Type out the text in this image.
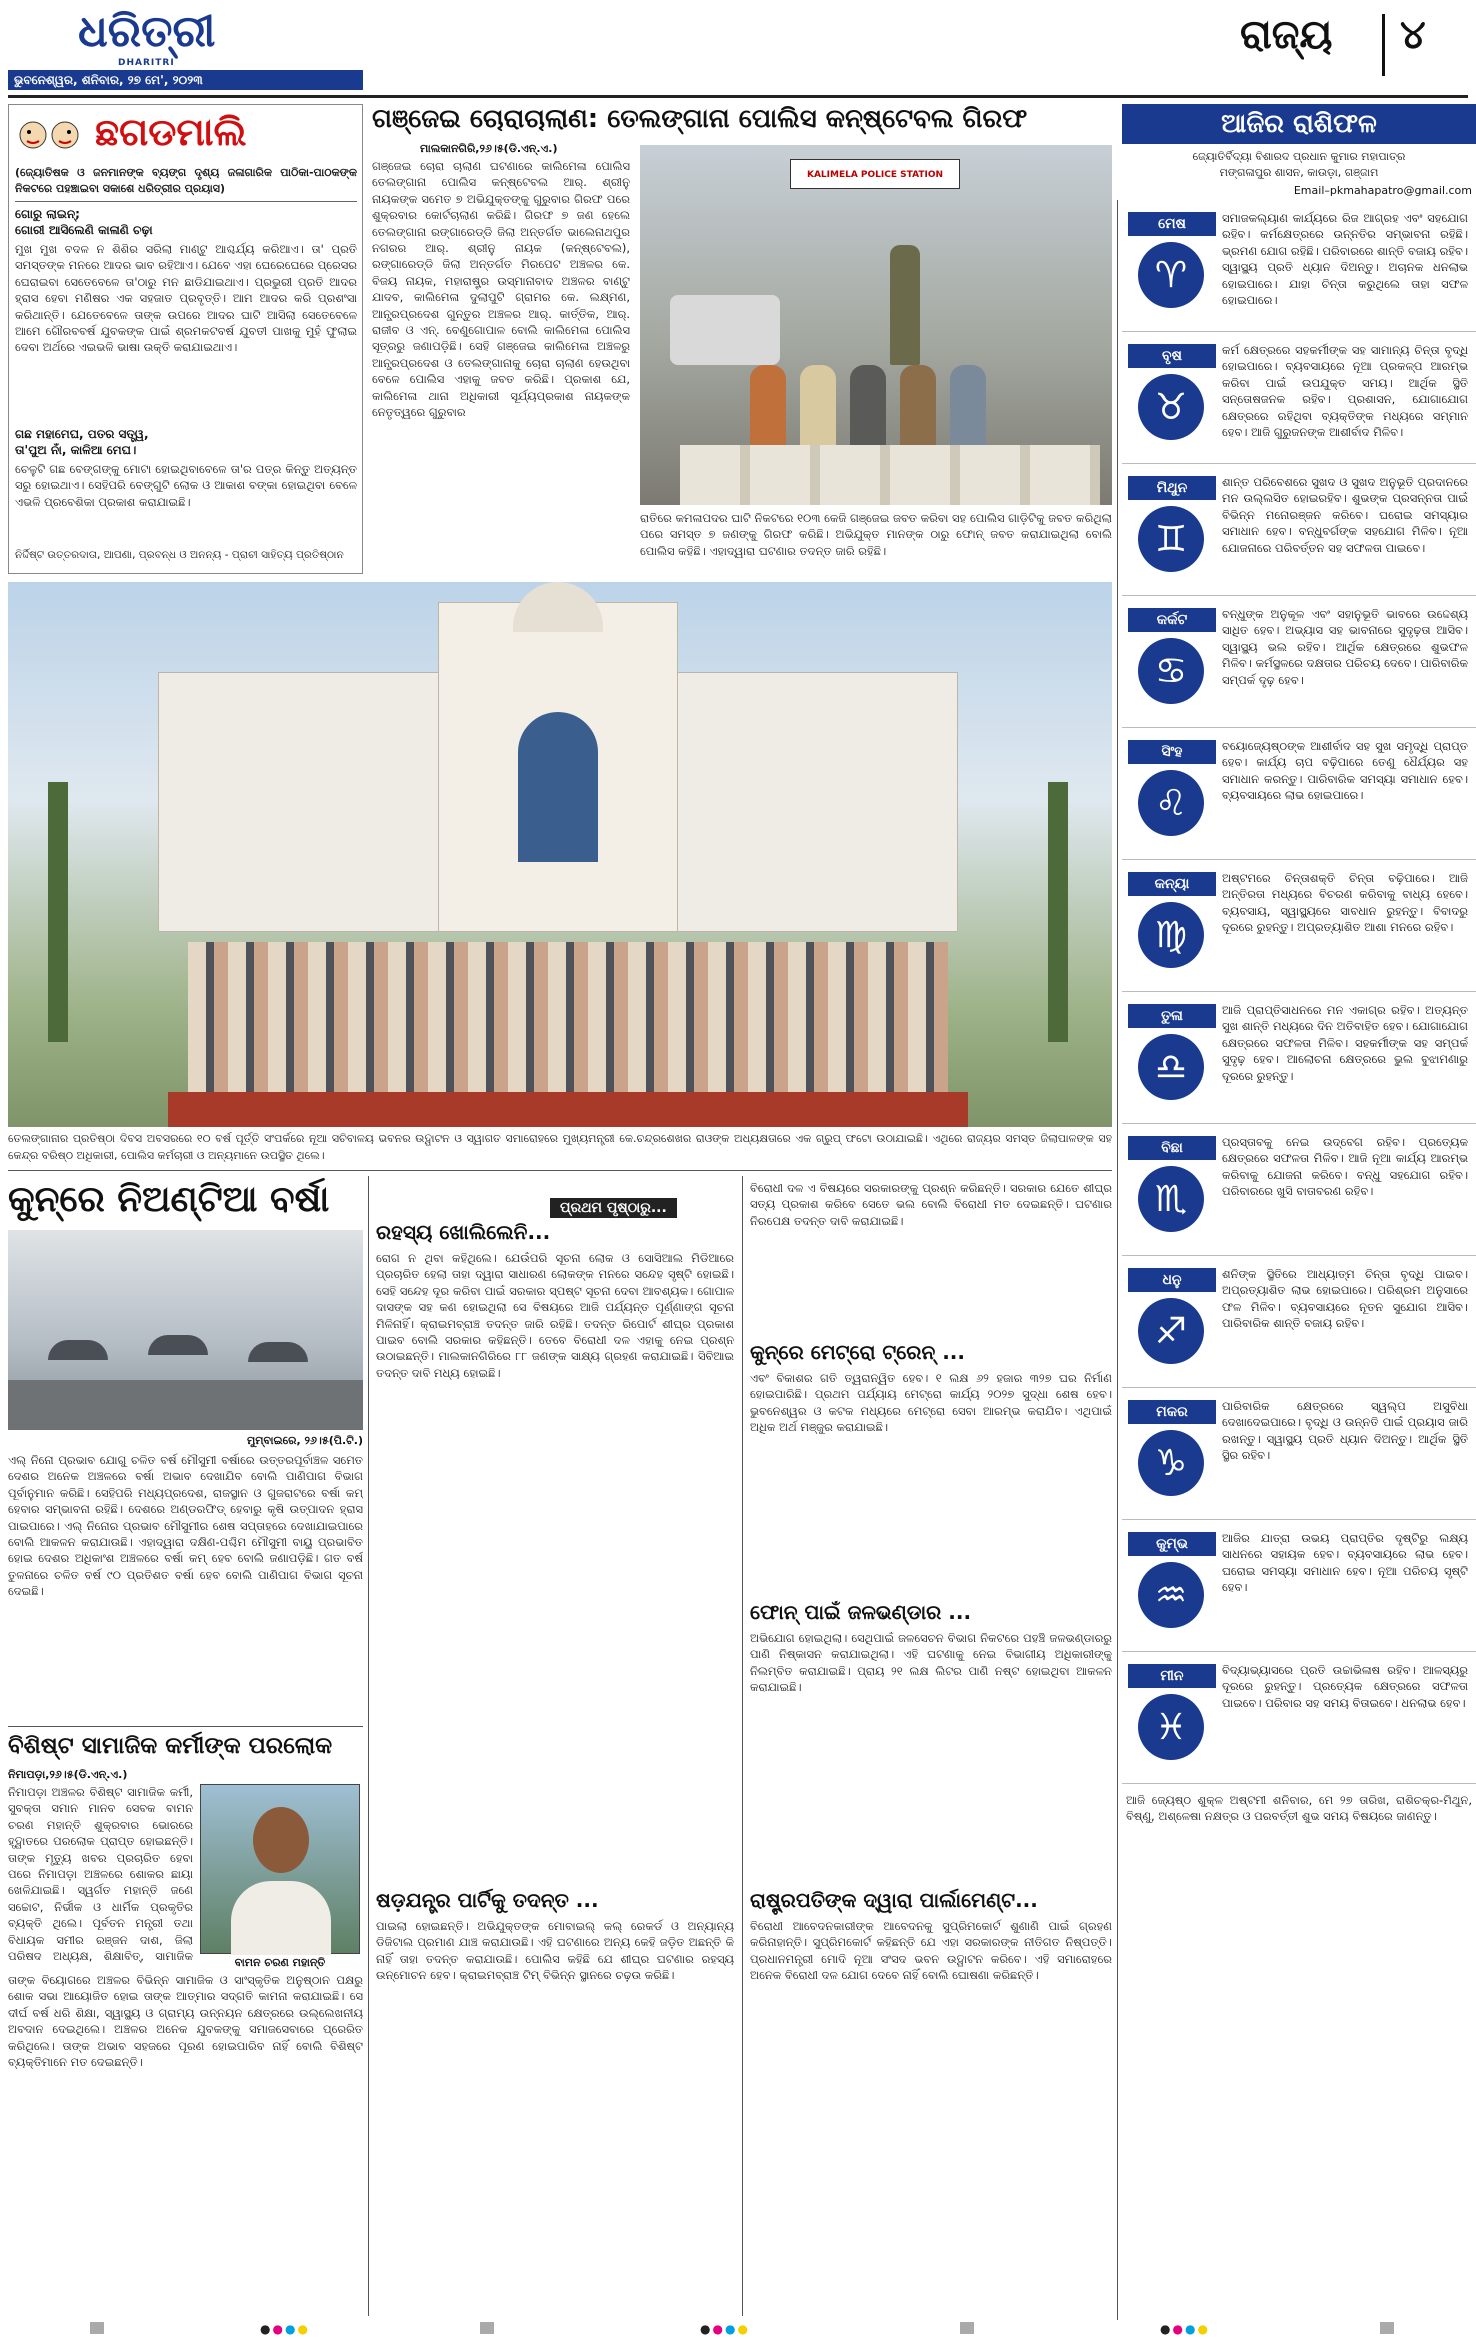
ଧରିତ୍ରୀ
DHARITRI
ଭୁବନେଶ୍ୱର, ଶନିବାର, ୨୭ ମେ', ୨୦୨୩
ରାଜ୍ୟ ୪
ଛଗଡମାଲି
(ଜ୍ୟୋତିଷକ ଓ ଜନମାନଙ୍କ ବ୍ୟଙ୍ଗ ଦୃଶ୍ୟ ଜଳାଗାରିକ ପାଠିକା-ପାଠକଙ୍କ ନିକଟରେ ପହଞ୍ଚାଇବା ସକାଶେ ଧରିତ୍ରୀର ପ୍ରୟାସ)
ଗୋରୁ ଲାଇନ୍;
ଗୋରୀ ଆସିଲେଣି କାଳାଣି ଚଢ଼ା
ମୁଖ ମୁଖ ବଦଳ ନ ଶିଶିର ସରିଲା ମାଣ୍ଟୁ ଆଶ୍ଚର୍ଯ୍ୟ କରିଆଏ। ତା' ପ୍ରତି ସମସ୍ତଙ୍କ ମନରେ ଆଦର ଭାବ ରହିଆଏ। ଯେବେ ଏହା ଘେରେଘେରେ ପ୍ରେସର ଘେରାଇବା ସେତେବେଳେ ତା'ଠାରୁ ମନ ଛାଡିଯାଇଥାଏ। ପ୍ରଭୁରୀ ପ୍ରତି ଆଦର ହ୍ରାସ ହେବା ମଣିଷର ଏକ ସହଜାତ ପ୍ରବୃତ୍ତି। ଆମ ଆଦର କରି ପ୍ରଶଂସା କରିଥାନ୍ତି। ଯେତେବେଳେ ତାଙ୍କ ଉପରେ ଆଦର ଘାଟି ଆସିଲା ସେତେବେଳେ ଆମେ ଗୌରବବର୍ଷ ଯୁବକଙ୍କ ପାଇଁ ଶ୍ରମକଟବର୍ଷ ଯୁବତୀ ପାଖକୁ ମୁହଁ ଫୁଲାଇ ଦେବା ଅର୍ଥରେ ଏଇଭଳି ଭାଷା ଉକ୍ତି କରାଯାଇଥାଏ।
ଗଛ ମହାମେଘ, ପତର ସତ୍ତ୍ୱ,
ତା'ପୁଅ ନାଁ, କାଳିଆ ମେଘ।
ଚେଳୁଟି ଗଛ ବେଙ୍ଗଙ୍କୁ ମୋଟା ହୋଇଥିବାବେଳେ ତା'ର ପତ୍ର କିନ୍ତୁ ଅତ୍ୟନ୍ତ ସରୁ ହୋଇଥାଏ। ସେହିପରି ବେଙ୍ଗୁଟି ଲୋକ ଓ ଆକାଶ ବଙ୍କା ହୋଇଥିବା ବେଳେ ଏଭଳି ପ୍ରବେଶିକା ପ୍ରକାଶ କରାଯାଇଛି।
ନିର୍ଦ୍ଦିଷ୍ଟ ଉତ୍ତରଦାତା, ଆପଣା, ପ୍ରବନ୍ଧ ଓ ଅନନ୍ୟ - ପ୍ରାଚୀ ସାହିତ୍ୟ ପ୍ରତିଷ୍ଠାନ
ଗଞ୍ଜେଇ ଚୋରାଚାଲାଣ: ତେଲଙ୍ଗାନା ପୋଲିସ କନ୍ଷ୍ଟେବଲ ଗିରଫ
ମାଲକାନଗିରି,୨୬।୫(ଡି.ଏନ୍.ଏ.)
ଗଞ୍ଜେଇ ଚୋରା ଚାଲାଣ ଘଟଣାରେ କାଲିମେଳା ପୋଲିସ ତେଲଙ୍ଗାନା ପୋଲିସ କନ୍ଷ୍ଟେବଲ ଆର୍. ଶ୍ରୀନୁ ନାୟକଙ୍କ ସମେତ ୭ ଅଭିଯୁକ୍ତଙ୍କୁ ଗୁରୁବାର ଗିରଫ ପରେ ଶୁକ୍ରବାର କୋର୍ଟଚାଲାଣ କରିଛି। ଗିରଫ ୭ ଜଣ ହେଲେ ତେଲଙ୍ଗାନା ରଙ୍ଗାରେଡ୍ଡି ଜିଲା ଅନ୍ତର୍ଗତ ଭାଲେନାଥପୁର ନଗରର ଆର୍. ଶ୍ରୀନୁ ନାୟକ (କନ୍ଷ୍ଟେବଲ), ରଙ୍ଗାରେଡ୍ଡି ଜିଲା ଅନ୍ତର୍ଗତ ମିରପେଟ ଅଞ୍ଚଳର କେ. ବିଜୟ ନାୟକ, ମହାରାଷ୍ଟ୍ର ଉସ୍ମାନାବାଦ ଅଞ୍ଚଳର ବାଣ୍ଟୁ ଯାଦବ, କାଲିମେଳା ଦୁଲାପୁଟି ଗ୍ରାମର କେ. ଲକ୍ଷ୍ମଣ, ଆନ୍ଧ୍ରପ୍ରଦେଶ ଗୁନ୍ତୁର ଅଞ୍ଚଳର ଆର୍. କାର୍ତ୍ତିକ, ଆର୍. ରାଜୀବ ଓ ଏନ୍. ବେଣୁଗୋପାଳ ବୋଲି କାଲିମେଳା ପୋଲିସ ସୂତ୍ରରୁ ଜଣାପଡ଼ିଛି। ସେହି ଗଞ୍ଜେଇ କାଲିମେଳା ଅଞ୍ଚଳରୁ ଆନ୍ଧ୍ରପ୍ରଦେଶ ଓ ତେଲଙ୍ଗାନାକୁ ଚୋରା ଚାଲାଣ ହେଉଥିବା ବେଳେ ପୋଲିସ ଏହାକୁ ଜବତ କରିଛି। ପ୍ରକାଶ ଯେ, କାଲିମେଳା ଥାନା ଅଧିକାରୀ ସୂର୍ଯ୍ୟପ୍ରକାଶ ନାୟକଙ୍କ ନେତୃତ୍ୱରେ ଗୁରୁବାର
KALIMELA POLICE STATION
ରାତିରେ କମଳାପଦର ଘାଟି ନିକଟରେ ୧୦୩ କେଜି ଗଞ୍ଜେଇ ଜବତ କରିବା ସହ ପୋଲିସ ଗାଡ଼ିଟିକୁ ଜବତ କରିଥିଲା ପରେ ସମସ୍ତ ୭ ଜଣଙ୍କୁ ଗିରଫ କରିଛି। ଅଭିଯୁକ୍ତ ମାନଙ୍କ ଠାରୁ ଫୋନ୍ ଜବତ କରାଯାଇଥିଲା ବୋଲି ପୋଲିସ କହିଛି। ଏହାଦ୍ୱାରା ଘଟଣାର ତଦନ୍ତ ଜାରି ରହିଛି।
ଆଜିର ରାଶିଫଳ
ଜ୍ୟୋତିର୍ବିଦ୍ୟା ବିଶାରଦ ପ୍ରଧାନ କୁମାର ମହାପାତ୍ର
ମଙ୍ଗଳାପୁର ଶାସନ, କାଉଡ଼ା, ଗଞ୍ଜାମ
Email–pkmahapatro@gmail.com
ମେଷ
♈
ସମାଜକଲ୍ୟାଣ କାର୍ଯ୍ୟରେ ରିଜ ଆଗ୍ରହ ଏବଂ ସହଯୋଗ ରହିବ। କର୍ମକ୍ଷେତ୍ରରେ ଉନ୍ନତିର ସମ୍ଭାବନା ରହିଛି। ଭ୍ରମଣ ଯୋଗ ରହିଛି। ପରିବାରରେ ଶାନ୍ତି ବଜାୟ ରହିବ। ସ୍ୱାସ୍ଥ୍ୟ ପ୍ରତି ଧ୍ୟାନ ଦିଅନ୍ତୁ। ଅଚାନକ ଧନଲାଭ ହୋଇପାରେ। ଯାହା ଚିନ୍ତା କରୁଥିଲେ ତାହା ସଫଳ ହୋଇପାରେ।
ବୃଷ
♉
କର୍ମ କ୍ଷେତ୍ରରେ ସହକର୍ମୀଙ୍କ ସହ ସାମାନ୍ୟ ଚିନ୍ତା ବୃଦ୍ଧି ହୋଇପାରେ। ବ୍ୟବସାୟରେ ନୂଆ ପ୍ରକଳ୍ପ ଆରମ୍ଭ କରିବା ପାଇଁ ଉପଯୁକ୍ତ ସମୟ। ଆର୍ଥିକ ସ୍ଥିତି ସନ୍ତୋଷଜନକ ରହିବ। ପ୍ରଶାସନ, ଯୋଗାଯୋଗ କ୍ଷେତ୍ରରେ ରହିଥିବା ବ୍ୟକ୍ତିଙ୍କ ମଧ୍ୟରେ ସମ୍ମାନ ହେବ। ଆଜି ଗୁରୁଜନଙ୍କ ଆଶୀର୍ବାଦ ମିଳିବ।
ମିଥୁନ
♊
ଶାନ୍ତ ପରିବେଶରେ ସୁଖଦ ଓ ସୁଖଦ ଅନୁଭୂତି ପ୍ରଦାନରେ ମନ ଉଲ୍ଲସିତ ହୋଇରହିବ। ଶୁଭଙ୍କ ପ୍ରସନ୍ନତା ପାଇଁ ବିଭିନ୍ନ ମନୋରଞ୍ଜନ କରିବେ। ଘରୋଇ ସମସ୍ୟାର ସମାଧାନ ହେବ। ବନ୍ଧୁବର୍ଗଙ୍କ ସହଯୋଗ ମିଳିବ। ନୂଆ ଯୋଜନାରେ ପରିବର୍ତ୍ତନ ସହ ସଫଳତା ପାଇବେ।
କର୍କଟ
♋
ବନ୍ଧୁଙ୍କ ଅନୁକୂଳ ଏବଂ ସହାନୁଭୂତି ଭାବରେ ଉଦ୍ଦେଶ୍ୟ ସାଧିତ ହେବ। ଅଭ୍ୟାସ ସହ ଭାବନାରେ ସୁଦୃଢ଼ତା ଆସିବ। ସ୍ୱାସ୍ଥ୍ୟ ଭଲ ରହିବ। ଆର୍ଥିକ କ୍ଷେତ୍ରରେ ଶୁଭଫଳ ମିଳିବ। କର୍ମସ୍ଥଳରେ ଦକ୍ଷତାର ପରିଚୟ ଦେବେ। ପାରିବାରିକ ସମ୍ପର୍କ ଦୃଢ଼ ହେବ।
ସିଂହ
♌
ବୟୋଜ୍ୟେଷ୍ଠଙ୍କ ଆଶୀର୍ବାଦ ସହ ସୁଖ ସମୃଦ୍ଧି ପ୍ରାପ୍ତ ହେବ। କାର୍ଯ୍ୟ ଚାପ ବଢ଼ିପାରେ ତେଣୁ ଧୈର୍ଯ୍ୟର ସହ ସମାଧାନ କରନ୍ତୁ। ପାରିବାରିକ ସମସ୍ୟା ସମାଧାନ ହେବ। ବ୍ୟବସାୟରେ ଲାଭ ହୋଇପାରେ।
କନ୍ୟା
♍
ଅଷ୍ଟମରେ ଚିନ୍ତାଶକ୍ତି ଚିନ୍ତା ବଢ଼ିପାରେ। ଆଜି ଅନ୍ତିରତା ମଧ୍ୟରେ ବିଚରଣ କରିବାକୁ ବାଧ୍ୟ ହେବେ। ବ୍ୟବସାୟ, ସ୍ୱାସ୍ଥ୍ୟରେ ସାବଧାନ ରୁହନ୍ତୁ। ବିବାଦରୁ ଦୂରରେ ରୁହନ୍ତୁ। ଅପ୍ରତ୍ୟାଶିତ ଆଶା ମନରେ ରହିବ।
ତୁଳା
♎
ଆଜି ପ୍ରାପ୍ତିସାଧନରେ ମନ ଏକାଗ୍ର ରହିବ। ଅତ୍ୟନ୍ତ ସୁଖ ଶାନ୍ତି ମଧ୍ୟରେ ଦିନ ଅତିବାହିତ ହେବ। ଯୋଗାଯୋଗ କ୍ଷେତ୍ରରେ ସଫଳତା ମିଳିବ। ସହକର୍ମୀଙ୍କ ସହ ସମ୍ପର୍କ ସୁଦୃଢ଼ ହେବ। ଆଲୋଚନା କ୍ଷେତ୍ରରେ ଭୁଲ ବୁଝାମଣାରୁ ଦୂରରେ ରୁହନ୍ତୁ।
ବିଛା
♏
ପ୍ରସ୍ତାବକୁ ନେଇ ଉଦ୍ବେଗ ରହିବ। ପ୍ରତ୍ୟେକ କ୍ଷେତ୍ରରେ ସଫଳତା ମିଳିବ। ଆଜି ନୂଆ କାର୍ଯ୍ୟ ଆରମ୍ଭ କରିବାକୁ ଯୋଜନା କରିବେ। ବନ୍ଧୁ ସହଯୋଗ ରହିବ। ପରିବାରରେ ଖୁସି ବାତାବରଣ ରହିବ।
ଧନୁ
♐
ଶନିଙ୍କ ସ୍ଥିତିରେ ଆଧ୍ୟାତ୍ମ ଚିନ୍ତା ବୃଦ୍ଧି ପାଇବ। ଅପ୍ରତ୍ୟାଶିତ ଲାଭ ହୋଇପାରେ। ପରିଶ୍ରମ ଅନୁସାରେ ଫଳ ମିଳିବ। ବ୍ୟବସାୟରେ ନୂତନ ସୁଯୋଗ ଆସିବ। ପାରିବାରିକ ଶାନ୍ତି ବଜାୟ ରହିବ।
ମକର
♑
ପାରିବାରିକ କ୍ଷେତ୍ରରେ ସ୍ୱଲ୍ପ ଅସୁବିଧା ଦେଖାଦେଇପାରେ। ବୃଦ୍ଧି ଓ ଉନ୍ନତି ପାଇଁ ପ୍ରୟାସ ଜାରି ରଖନ୍ତୁ। ସ୍ୱାସ୍ଥ୍ୟ ପ୍ରତି ଧ୍ୟାନ ଦିଅନ୍ତୁ। ଆର୍ଥିକ ସ୍ଥିତି ସ୍ଥିର ରହିବ।
କୁମ୍ଭ
♒
ଆଜିର ଯାତ୍ରା ଉଭୟ ପ୍ରାପ୍ତିର ଦୃଷ୍ଟିରୁ ଲକ୍ଷ୍ୟ ସାଧନରେ ସହାୟକ ହେବ। ବ୍ୟବସାୟରେ ଲାଭ ହେବ। ଘରୋଇ ସମସ୍ୟା ସମାଧାନ ହେବ। ନୂଆ ପରିଚୟ ସୃଷ୍ଟି ହେବ।
ମୀନ
♓
ବିଦ୍ୟାଭ୍ୟାସରେ ପ୍ରତି ଉଚ୍ଚାଭିଳାଷ ରହିବ। ଆଳସ୍ୟରୁ ଦୂରରେ ରୁହନ୍ତୁ। ପ୍ରତ୍ୟେକ କ୍ଷେତ୍ରରେ ସଫଳତା ପାଇବେ। ପରିବାର ସହ ସମୟ ବିତାଇବେ। ଧନଲାଭ ହେବ।
ଆଜି ଜ୍ୟେଷ୍ଠ ଶୁକ୍ଳ ଅଷ୍ଟମୀ ଶନିବାର, ମେ ୨୭ ତାରିଖ, ରାଶିଚକ୍ର-ମିଥୁନ, ବିଷ୍ଣୁ, ଅଶ୍ଳେଷା ନକ୍ଷତ୍ର ଓ ପରବର୍ତ୍ତୀ ଶୁଭ ସମୟ ବିଷୟରେ ଜାଣନ୍ତୁ।
ତେଲଙ୍ଗାନାର ପ୍ରତିଷ୍ଠା ଦିବସ ଅବସରରେ ୧୦ ବର୍ଷ ପୂର୍ତ୍ତି ସଂପର୍କରେ ନୂଆ ସଚିବାଳୟ ଭବନର ଉଦ୍ଘାଟନ ଓ ସ୍ୱାଗତ ସମାରୋହରେ ମୁଖ୍ୟମନ୍ତ୍ରୀ କେ.ଚନ୍ଦ୍ରଶେଖର ରାଓଙ୍କ ଅଧ୍ୟକ୍ଷତାରେ ଏକ ଗ୍ରୁପ୍ ଫଟୋ ଉଠାଯାଇଛି। ଏଥିରେ ରାଜ୍ୟର ସମସ୍ତ ଜିଲାପାଳଙ୍କ ସହ କେନ୍ଦ୍ର ବରିଷ୍ଠ ଅଧିକାରୀ, ପୋଲିସ କର୍ମଚାରୀ ଓ ଅନ୍ୟମାନେ ଉପସ୍ଥିତ ଥିଲେ।
କୁନ୍‌ରେ ନିଅଣ୍ଟିଆ ବର୍ଷା
ମୁମ୍ବାଇରେ, ୨୬।୫(ପି.ଟି.)
ଏଲ୍ ନିନୋ ପ୍ରଭାବ ଯୋଗୁ ଚଳିତ ବର୍ଷ ମୌସୁମୀ ବର୍ଷାରେ ଉତ୍ତରପୂର୍ବାଞ୍ଚଳ ସମେତ ଦେଶର ଅନେକ ଅଞ୍ଚଳରେ ବର୍ଷା ଅଭାବ ଦେଖାଯିବ ବୋଲି ପାଣିପାଗ ବିଭାଗ ପୂର୍ବାନୁମାନ କରିଛି। ସେହିପରି ମଧ୍ୟପ୍ରଦେଶ, ରାଜସ୍ଥାନ ଓ ଗୁଜରାଟରେ ବର୍ଷା କମ୍ ହେବାର ସମ୍ଭାବନା ରହିଛି। ଦେଶରେ ଅଣ୍ଡରଫିଡ୍ ହେବାରୁ କୃଷି ଉତ୍ପାଦନ ହ୍ରାସ ପାଇପାରେ। ଏଲ୍ ନିନୋର ପ୍ରଭାବ ମୌସୁମୀର ଶେଷ ସପ୍ତାହରେ ଦେଖାଯାଇପାରେ ବୋଲି ଆକଳନ କରାଯାଉଛି। ଏହାଦ୍ୱାରା ଦକ୍ଷିଣ-ପଶ୍ଚିମ ମୌସୁମୀ ବାୟୁ ପ୍ରଭାବିତ ହୋଇ ଦେଶର ଅଧିକାଂଶ ଅଞ୍ଚଳରେ ବର୍ଷା କମ୍ ହେବ ବୋଲି ଜଣାପଡ଼ିଛି। ଗତ ବର୍ଷ ତୁଳନାରେ ଚଳିତ ବର୍ଷ ୯୦ ପ୍ରତିଶତ ବର୍ଷା ହେବ ବୋଲି ପାଣିପାଗ ବିଭାଗ ସୂଚନା ଦେଇଛି।
ବିଶିଷ୍ଟ ସାମାଜିକ କର୍ମୀଙ୍କ ପରଲୋକ
ନିମାପଡ଼ା,୨୬।୫(ଡି.ଏନ୍.ଏ.)
ବାମନ ଚରଣ ମହାନ୍ତି
ନିମାପଡ଼ା ଅଞ୍ଚଳର ବିଶିଷ୍ଟ ସାମାଜିକ କର୍ମୀ, ସୁବକ୍ତା ସମାନ ମାନବ ସେବକ ବାମନ ଚରଣ ମହାନ୍ତି ଶୁକ୍ରବାର ଭୋରରେ ହୃଦ୍ଘାତରେ ପରଲୋକ ପ୍ରାପ୍ତ ହୋଇଛନ୍ତି। ତାଙ୍କ ମୃତ୍ୟୁ ଖବର ପ୍ରଚାରିତ ହେବା ପରେ ନିମାପଡ଼ା ଅଞ୍ଚଳରେ ଶୋକର ଛାୟା ଖେଳିଯାଇଛି। ସ୍ୱର୍ଗତ ମହାନ୍ତି ଜଣେ ସଚ୍ଚୋଟ, ନିର୍ଭୀକ ଓ ଧାର୍ମିକ ପ୍ରକୃତିର ବ୍ୟକ୍ତି ଥିଲେ। ପୂର୍ବତନ ମନ୍ତ୍ରୀ ତଥା ବିଧାୟକ ସମୀର ରଞ୍ଜନ ଦାଶ, ଜିଲା ପରିଷଦ ଅଧ୍ୟକ୍ଷ, ଶିକ୍ଷାବିତ୍, ସାମାଜିକ
ତାଙ୍କ ବିୟୋଗରେ ଅଞ୍ଚଳର ବିଭିନ୍ନ ସାମାଜିକ ଓ ସାଂସ୍କୃତିକ ଅନୁଷ୍ଠାନ ପକ୍ଷରୁ ଶୋକ ସଭା ଆୟୋଜିତ ହୋଇ ତାଙ୍କ ଆତ୍ମାର ସଦ୍ଗତି କାମନା କରାଯାଇଛି। ସେ ଦୀର୍ଘ ବର୍ଷ ଧରି ଶିକ୍ଷା, ସ୍ୱାସ୍ଥ୍ୟ ଓ ଗ୍ରାମ୍ୟ ଉନ୍ନୟନ କ୍ଷେତ୍ରରେ ଉଲ୍ଲେଖନୀୟ ଅବଦାନ ଦେଇଥିଲେ। ଅଞ୍ଚଳର ଅନେକ ଯୁବକଙ୍କୁ ସମାଜସେବାରେ ପ୍ରେରିତ କରିଥିଲେ। ତାଙ୍କ ଅଭାବ ସହଜରେ ପୂରଣ ହୋଇପାରିବ ନାହିଁ ବୋଲି ବିଶିଷ୍ଟ ବ୍ୟକ୍ତିମାନେ ମତ ଦେଇଛନ୍ତି।
ପ୍ରଥମ ପୃଷ୍ଠାରୁ...
ରହସ୍ୟ ଖୋଲିଲେନି...
ରୋଗ ନ ଥିବା କହିଥିଲେ। ଯେଉଁପରି ସୂଚନା ଲୋକ ଓ ସୋସିଆଲ ମିଡିଆରେ ପ୍ରଚାରିତ ହେଲା ତାହା ଦ୍ୱାରା ସାଧାରଣ ଲୋକଙ୍କ ମନରେ ସନ୍ଦେହ ସୃଷ୍ଟି ହୋଇଛି। ସେହି ସନ୍ଦେହ ଦୂର କରିବା ପାଇଁ ସରକାର ସ୍ପଷ୍ଟ ସୂଚନା ଦେବା ଆବଶ୍ୟକ। ଗୋପାଳ ଦାସଙ୍କ ସହ କଣ ହୋଇଥିଲା ସେ ବିଷୟରେ ଆଜି ପର୍ଯ୍ୟନ୍ତ ପୂର୍ଣ୍ଣାଙ୍ଗ ସୂଚନା ମିଳିନାହିଁ। କ୍ରାଇମବ୍ରାଞ୍ଚ ତଦନ୍ତ ଜାରି ରହିଛି। ତଦନ୍ତ ରିପୋର୍ଟ ଶୀଘ୍ର ପ୍ରକାଶ ପାଇବ ବୋଲି ସରକାର କହିଛନ୍ତି। ତେବେ ବିରୋଧୀ ଦଳ ଏହାକୁ ନେଇ ପ୍ରଶ୍ନ ଉଠାଇଛନ୍ତି। ମାଲକାନଗିରିରେ ୮୮ ଜଣଙ୍କ ସାକ୍ଷ୍ୟ ଗ୍ରହଣ କରାଯାଇଛି। ସିବିଆଇ ତଦନ୍ତ ଦାବି ମଧ୍ୟ ହୋଇଛି।
ଷଡ଼ଯନ୍ତ୍ର ପାର୍ଟିକୁ ତଦନ୍ତ ...
ପାଇଲା ହୋଇଛନ୍ତି। ଅଭିଯୁକ୍ତଙ୍କ ମୋବାଇଲ୍ କଲ୍ ରେକର୍ଡ ଓ ଅନ୍ୟାନ୍ୟ ଡିଜିଟାଲ ପ୍ରମାଣ ଯାଞ୍ଚ କରାଯାଉଛି। ଏହି ଘଟଣାରେ ଅନ୍ୟ କେହି ଜଡ଼ିତ ଅଛନ୍ତି କି ନାହିଁ ତାହା ତଦନ୍ତ କରାଯାଉଛି। ପୋଲିସ କହିଛି ଯେ ଶୀଘ୍ର ଘଟଣାର ରହସ୍ୟ ଉନ୍ମୋଚନ ହେବ। କ୍ରାଇମବ୍ରାଞ୍ଚ ଟିମ୍ ବିଭିନ୍ନ ସ୍ଥାନରେ ଚଢ଼ଉ କରିଛି।
ବିରୋଧୀ ଦଳ ଏ ବିଷୟରେ ସରକାରଙ୍କୁ ପ୍ରଶ୍ନ କରିଛନ୍ତି। ସରକାର ଯେତେ ଶୀଘ୍ର ସତ୍ୟ ପ୍ରକାଶ କରିବେ ସେତେ ଭଲ ବୋଲି ବିରୋଧୀ ମତ ଦେଇଛନ୍ତି। ଘଟଣାର ନିରପେକ୍ଷ ତଦନ୍ତ ଦାବି କରାଯାଇଛି।
କୁନ୍‌ରେ ମେଟ୍ରୋ ଟ୍ରେନ୍ ...
ଏବଂ ବିକାଶର ଗତି ତ୍ୱରାନ୍ୱିତ ହେବ। ୧ ଲକ୍ଷ ୬୨ ହଜାର ୩୨୭ ଘର ନିର୍ମାଣ ହୋଇପାରିଛି। ପ୍ରଥମ ପର୍ଯ୍ୟାୟ ମେଟ୍ରୋ କାର୍ଯ୍ୟ ୨୦୨୭ ସୁଦ୍ଧା ଶେଷ ହେବ। ଭୁବନେଶ୍ୱର ଓ କଟକ ମଧ୍ୟରେ ମେଟ୍ରୋ ସେବା ଆରମ୍ଭ କରାଯିବ। ଏଥିପାଇଁ ଅଧିକ ଅର୍ଥ ମଞ୍ଜୁର କରାଯାଇଛି।
ଫୋନ୍ ପାଇଁ ଜଳଭଣ୍ଡାର ...
ଅଭିଯୋଗ ହୋଇଥିଲା। ସେଥିପାଇଁ ଜଳସେଚନ ବିଭାଗ ନିକଟରେ ପହଞ୍ଚି ଜଳଭଣ୍ଡାରରୁ ପାଣି ନିଷ୍କାସନ କରାଯାଇଥିଲା। ଏହି ଘଟଣାକୁ ନେଇ ବିଭାଗୀୟ ଅଧିକାରୀଙ୍କୁ ନିଲମ୍ବିତ କରାଯାଇଛି। ପ୍ରାୟ ୨୧ ଲକ୍ଷ ଲିଟର ପାଣି ନଷ୍ଟ ହୋଇଥିବା ଆକଳନ କରାଯାଇଛି।
ରାଷ୍ଟ୍ରପତିଙ୍କ ଦ୍ୱାରା ପାର୍ଲାମେଣ୍ଟ...
ବିରୋଧୀ ଆବେଦନକାରୀଙ୍କ ଆବେଦନକୁ ସୁପ୍ରିମକୋର୍ଟ ଶୁଣାଣି ପାଇଁ ଗ୍ରହଣ କରିନାହାନ୍ତି। ସୁପ୍ରିମକୋର୍ଟ କହିଛନ୍ତି ଯେ ଏହା ସରକାରଙ୍କ ନୀତିଗତ ନିଷ୍ପତ୍ତି। ପ୍ରଧାନମନ୍ତ୍ରୀ ମୋଦି ନୂଆ ସଂସଦ ଭବନ ଉଦ୍ଘାଟନ କରିବେ। ଏହି ସମାରୋହରେ ଅନେକ ବିରୋଧୀ ଦଳ ଯୋଗ ଦେବେ ନାହିଁ ବୋଲି ଘୋଷଣା କରିଛନ୍ତି।
●●●●	●●●●	●●●●
